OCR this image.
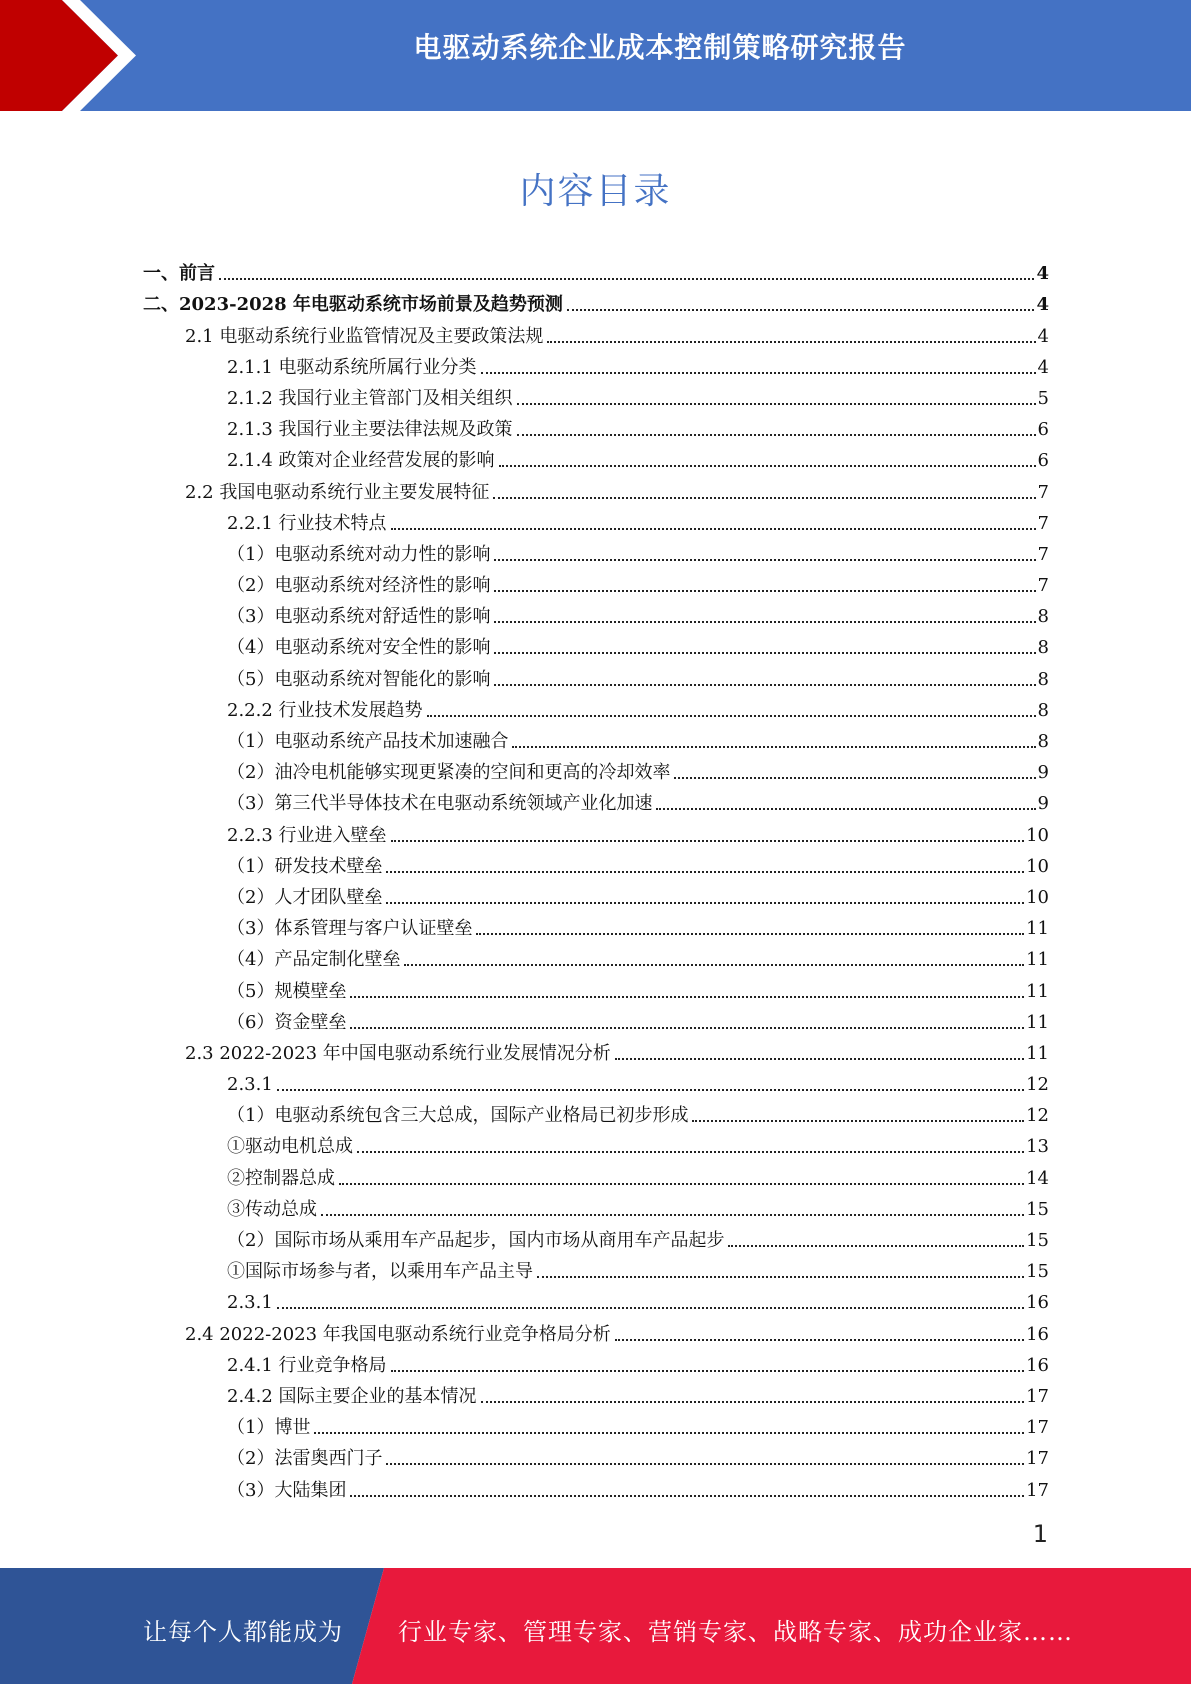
电驱动系统企业成本控制策略研究报告
内容目录
一、前言	4
二、2023-2028 年电驱动系统市场前景及趋势预测	4
2.1 电驱动系统行业监管情况及主要政策法规	4
2.1.1 电驱动系统所属行业分类	4
2.1.2 我国行业主管部门及相关组织	5
2.1.3 我国行业主要法律法规及政策	6
2.1.4 政策对企业经营发展的影响	6
2.2 我国电驱动系统行业主要发展特征	7
2.2.1 行业技术特点	7
（1）电驱动系统对动力性的影响	7
（2）电驱动系统对经济性的影响	7
（3）电驱动系统对舒适性的影响	8
（4）电驱动系统对安全性的影响	8
（5）电驱动系统对智能化的影响	8
2.2.2 行业技术发展趋势	8
（1）电驱动系统产品技术加速融合	8
（2）油冷电机能够实现更紧凑的空间和更高的冷却效率	9
（3）第三代半导体技术在电驱动系统领域产业化加速	9
2.2.3 行业进入壁垒	10
（1）研发技术壁垒	10
（2）人才团队壁垒	10
（3）体系管理与客户认证壁垒	11
（4）产品定制化壁垒	11
（5）规模壁垒	11
（6）资金壁垒	11
2.3 2022-2023 年中国电驱动系统行业发展情况分析	11
2.3.1	12
（1）电驱动系统包含三大总成，国际产业格局已初步形成	12
①驱动电机总成	13
②控制器总成	14
③传动总成	15
（2）国际市场从乘用车产品起步，国内市场从商用车产品起步	15
①国际市场参与者，以乘用车产品主导	15
2.3.1	16
2.4 2022-2023 年我国电驱动系统行业竞争格局分析	16
2.4.1 行业竞争格局	16
2.4.2 国际主要企业的基本情况	17
（1）博世	17
（2）法雷奥西门子	17
（3）大陆集团	17
1
让每个人都能成为 行业专家、管理专家、营销专家、战略专家、成功企业家……
